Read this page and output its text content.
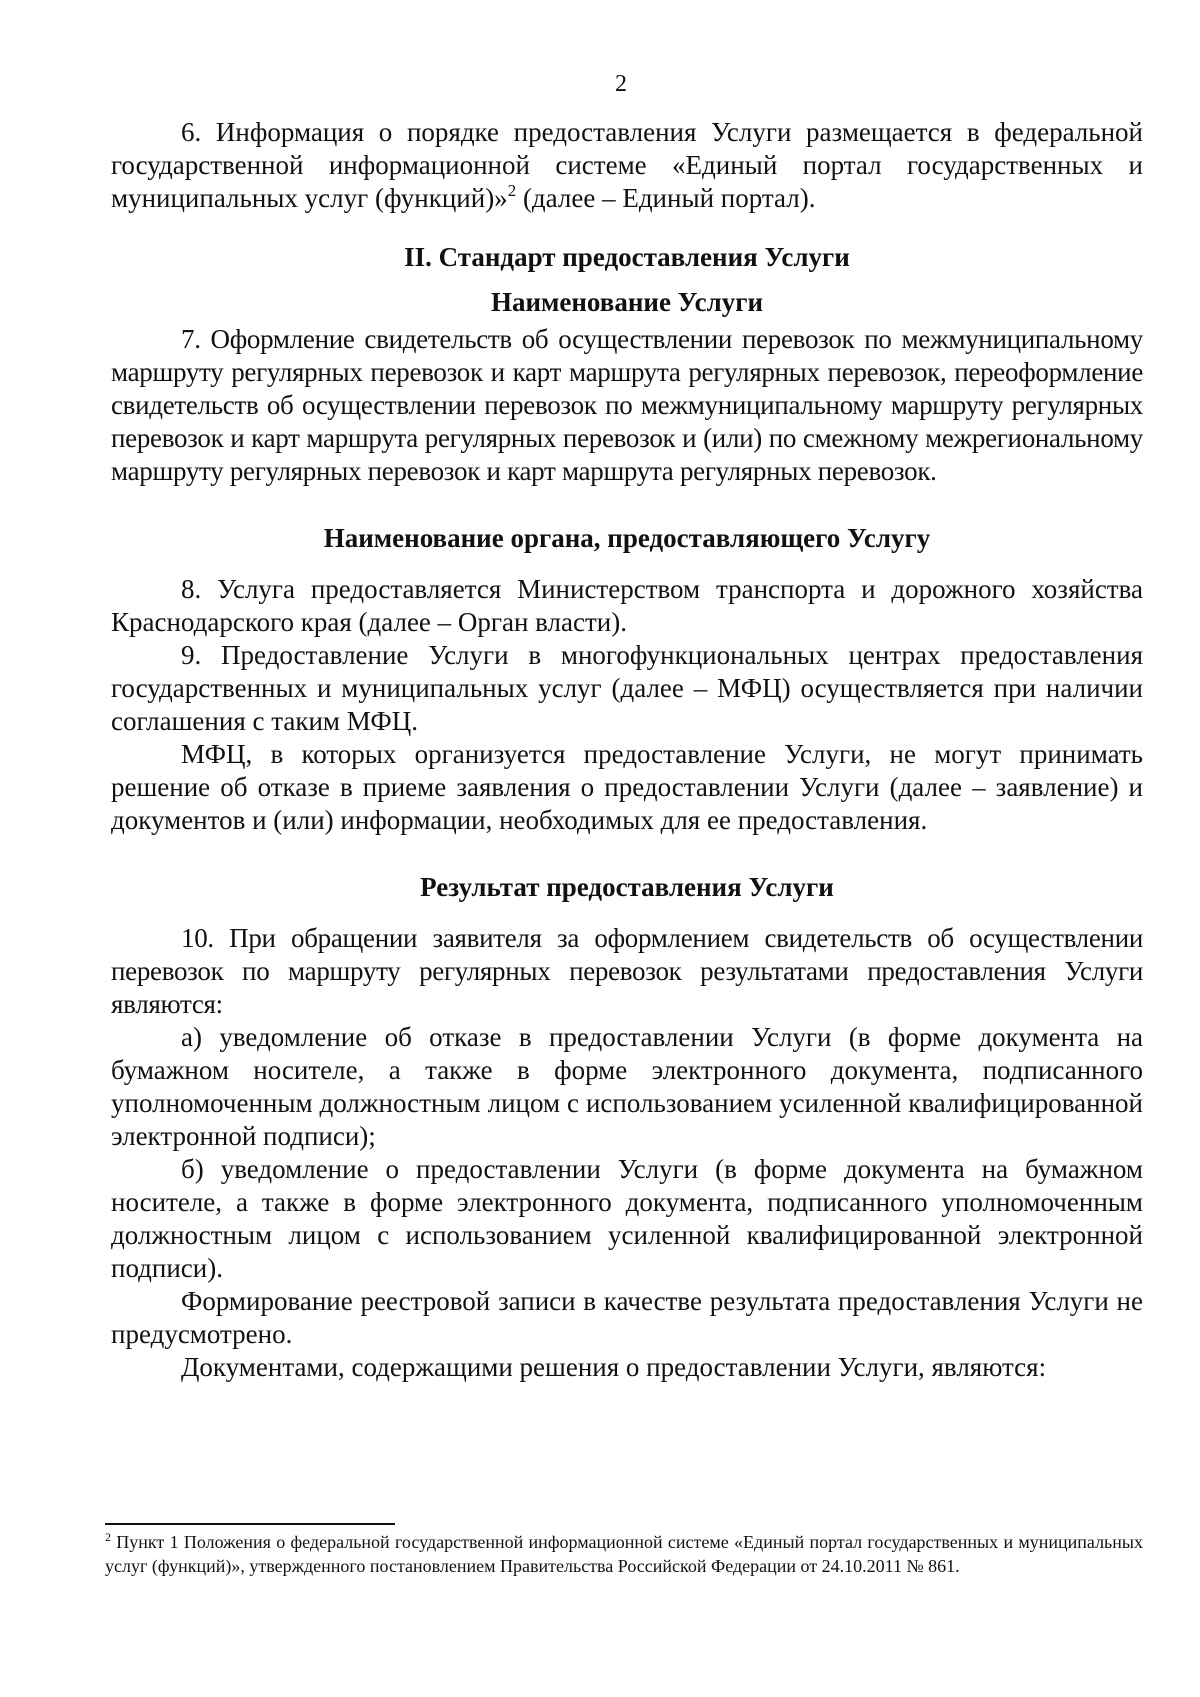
2

6. Информация о порядке предоставления Услуги размещается в федеральной государственной информационной системе «Единый портал государственных и муниципальных услуг (функций)»$^2$ (далее – Единый портал).

II. Стандарт предоставления Услуги
Наименование Услуги

7. Оформление свидетельств об осуществлении перевозок по межмуниципальному маршруту регулярных перевозок и карт маршрута регулярных перевозок, переоформление свидетельств об осуществлении перевозок по межмуниципальному маршруту регулярных перевозок и карт маршрута регулярных перевозок и (или) по смежному межрегиональному маршруту регулярных перевозок и карт маршрута регулярных перевозок.

Наименование органа, предоставляющего Услугу

8. Услуга предоставляется Министерством транспорта и дорожного хозяйства Краснодарского края (далее – Орган власти).

9. Предоставление Услуги в многофункциональных центрах предоставления государственных и муниципальных услуг (далее – МФЦ) осуществляется при наличии соглашения с таким МФЦ.

МФЦ, в которых организуется предоставление Услуги, не могут принимать решение об отказе в приеме заявления о предоставлении Услуги (далее – заявление) и документов и (или) информации, необходимых для ее предоставления.

Результат предоставления Услуги

10. При обращении заявителя за оформлением свидетельств об осуществлении перевозок по маршруту регулярных перевозок результатами предоставления Услуги являются:

а) уведомление об отказе в предоставлении Услуги (в форме документа на бумажном носителе, а также в форме электронного документа, подписанного уполномоченным должностным лицом с использованием усиленной квалифицированной электронной подписи);

б) уведомление о предоставлении Услуги (в форме документа на бумажном носителе, а также в форме электронного документа, подписанного уполномоченным должностным лицом с использованием усиленной квалифицированной электронной подписи).

Формирование реестровой записи в качестве результата предоставления Услуги не предусмотрено.

Документами, содержащими решения о предоставлении Услуги, являются:

$^2$ Пункт 1 Положения о федеральной государственной информационной системе «Единый портал государственных и муниципальных услуг (функций)», утвержденного постановлением Правительства Российской Федерации от 24.10.2011 № 861.
